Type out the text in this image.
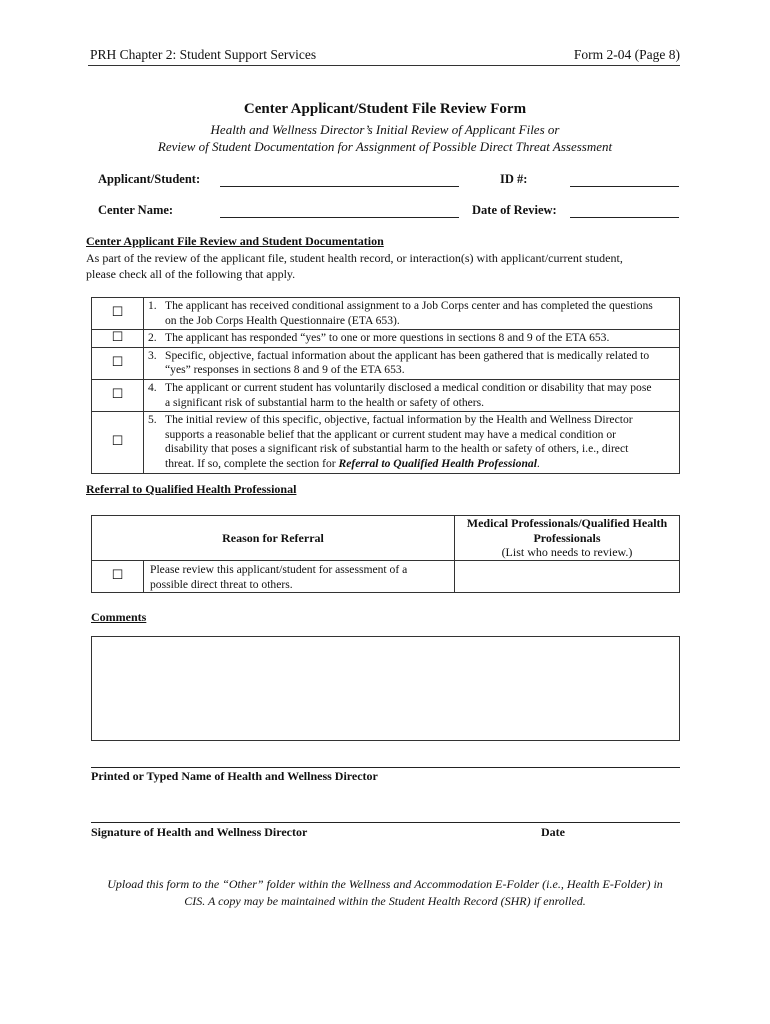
PRH Chapter 2: Student Support Services	Form 2-04 (Page 8)
Center Applicant/Student File Review Form
Health and Wellness Director’s Initial Review of Applicant Files or
Review of Student Documentation for Assignment of Possible Direct Threat Assessment
Applicant/Student:	ID #:
Center Name:	Date of Review:
Center Applicant File Review and Student Documentation
As part of the review of the applicant file, student health record, or interaction(s) with applicant/current student,
please check all of the following that apply.
☐	1. The applicant has received conditional assignment to a Job Corps center and has completed the questions on the Job Corps Health Questionnaire (ETA 653).
☐	2. The applicant has responded “yes” to one or more questions in sections 8 and 9 of the ETA 653.
☐	3. Specific, objective, factual information about the applicant has been gathered that is medically related to “yes” responses in sections 8 and 9 of the ETA 653.
☐	4. The applicant or current student has voluntarily disclosed a medical condition or disability that may pose a significant risk of substantial harm to the health or safety of others.
☐	5. The initial review of this specific, objective, factual information by the Health and Wellness Director supports a reasonable belief that the applicant or current student may have a medical condition or disability that poses a significant risk of substantial harm to the health or safety of others, i.e., direct threat. If so, complete the section for Referral to Qualified Health Professional.
Referral to Qualified Health Professional
Reason for Referral		Medical Professionals/Qualified Health
Professionals
(List who needs to review.)

☐	Please review this applicant/student for assessment of a
possible direct threat to others.	

Comments
Printed or Typed Name of Health and Wellness Director
Signature of Health and Wellness Director	Date
Upload this form to the “Other” folder within the Wellness and Accommodation E-Folder (i.e., Health E-Folder) in
CIS. A copy may be maintained within the Student Health Record (SHR) if enrolled.
